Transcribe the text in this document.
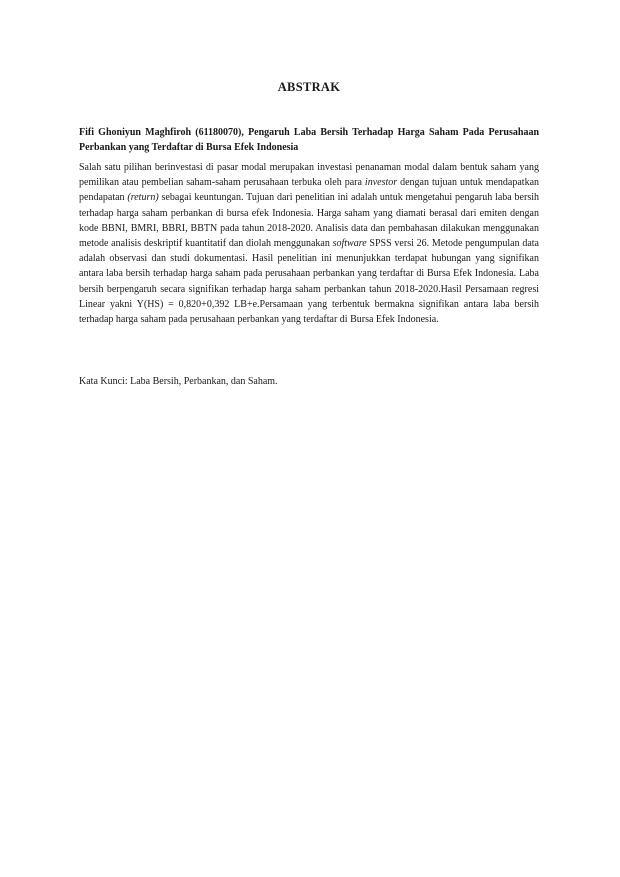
ABSTRAK
Fifi Ghoniyun Maghfiroh (61180070), Pengaruh Laba Bersih Terhadap Harga Saham Pada Perusahaan Perbankan yang Terdaftar di Bursa Efek Indonesia
Salah satu pilihan berinvestasi di pasar modal merupakan investasi penanaman modal dalam bentuk saham yang pemilikan atau pembelian saham-saham perusahaan terbuka oleh para investor dengan tujuan untuk mendapatkan pendapatan (return) sebagai keuntungan. Tujuan dari penelitian ini adalah untuk mengetahui pengaruh laba bersih terhadap harga saham perbankan di bursa efek Indonesia. Harga saham yang diamati berasal dari emiten dengan kode BBNI, BMRI, BBRI, BBTN pada tahun 2018-2020. Analisis data dan pembahasan dilakukan menggunakan metode analisis deskriptif kuantitatif dan diolah menggunakan software SPSS versi 26. Metode pengumpulan data adalah observasi dan studi dokumentasi. Hasil penelitian ini menunjukkan terdapat hubungan yang signifikan antara laba bersih terhadap harga saham pada perusahaan perbankan yang terdaftar di Bursa Efek Indonesia. Laba bersih berpengaruh secara signifikan terhadap harga saham perbankan tahun 2018-2020.Hasil Persamaan regresi Linear yakni Y(HS) = 0,820+0,392 LB+e.Persamaan yang terbentuk bermakna signifikan antara laba bersih terhadap harga saham pada perusahaan perbankan yang terdaftar di Bursa Efek Indonesia.
Kata Kunci: Laba Bersih, Perbankan, dan Saham.
